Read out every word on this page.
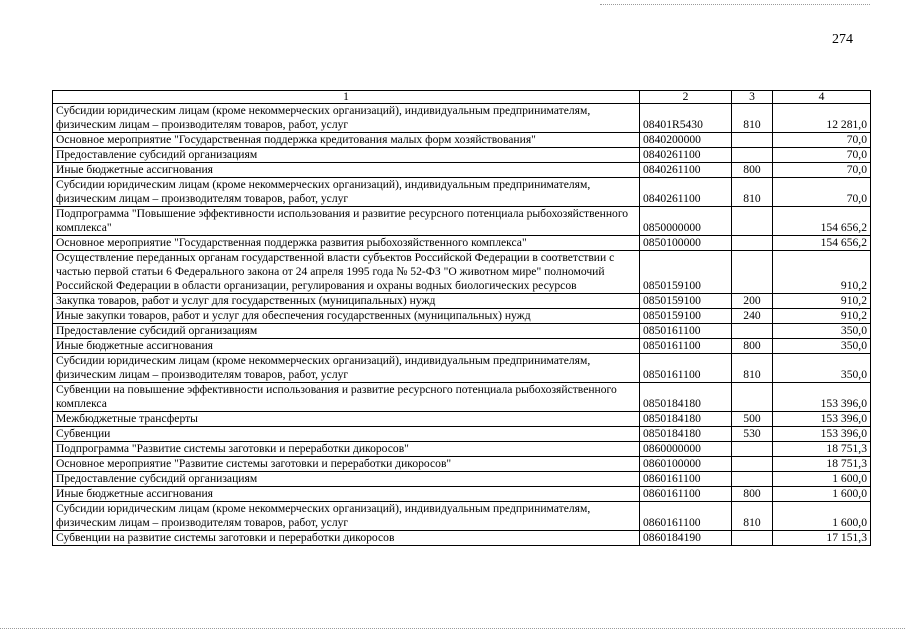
274
1	2	3	4
Субсидии юридическим лицам (кроме некоммерческих организаций), индивидуальным предпринимателям, физическим лицам – производителям товаров, работ, услуг	08401R5430	810	12 281,0
Основное мероприятие "Государственная поддержка кредитования малых форм хозяйствования"	0840200000		70,0
Предоставление субсидий организациям	0840261100		70,0
Иные бюджетные ассигнования	0840261100	800	70,0
Субсидии юридическим лицам (кроме некоммерческих организаций), индивидуальным предпринимателям, физическим лицам – производителям товаров, работ, услуг	0840261100	810	70,0
Подпрограмма "Повышение эффективности использования и развитие ресурсного потенциала рыбохозяйственного комплекса"	0850000000		154 656,2
Основное мероприятие "Государственная поддержка развития рыбохозяйственного комплекса"	0850100000		154 656,2
Осуществление переданных органам государственной власти субъектов Российской Федерации в соответствии с частью первой статьи 6 Федерального закона от 24 апреля 1995 года № 52-ФЗ "О животном мире" полномочий Российской Федерации в области организации, регулирования и охраны водных биологических ресурсов	0850159100		910,2
Закупка товаров, работ и услуг для государственных (муниципальных) нужд	0850159100	200	910,2
Иные закупки товаров, работ и услуг для обеспечения государственных (муниципальных) нужд	0850159100	240	910,2
Предоставление субсидий организациям	0850161100		350,0
Иные бюджетные ассигнования	0850161100	800	350,0
Субсидии юридическим лицам (кроме некоммерческих организаций), индивидуальным предпринимателям, физическим лицам – производителям товаров, работ, услуг	0850161100	810	350,0
Субвенции на повышение эффективности использования и развитие ресурсного потенциала рыбохозяйственного комплекса	0850184180		153 396,0
Межбюджетные трансферты	0850184180	500	153 396,0
Субвенции	0850184180	530	153 396,0
Подпрограмма "Развитие системы заготовки и переработки дикоросов"	0860000000		18 751,3
Основное мероприятие "Развитие системы заготовки и переработки дикоросов"	0860100000		18 751,3
Предоставление субсидий организациям	0860161100		1 600,0
Иные бюджетные ассигнования	0860161100	800	1 600,0
Субсидии юридическим лицам (кроме некоммерческих организаций), индивидуальным предпринимателям, физическим лицам – производителям товаров, работ, услуг	0860161100	810	1 600,0
Субвенции на развитие системы заготовки и переработки дикоросов	0860184190		17 151,3
